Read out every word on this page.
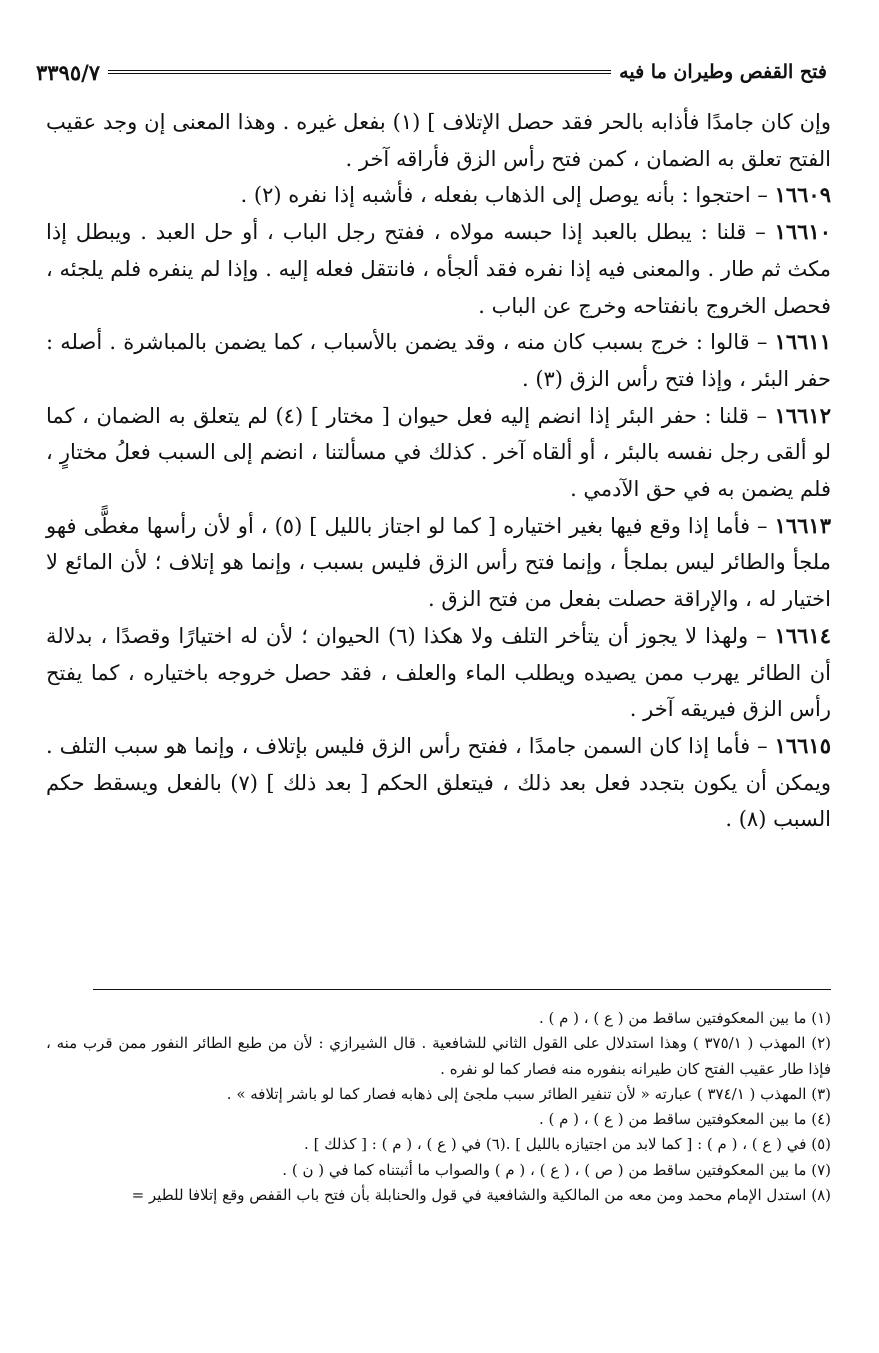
فتح القفص وطيران ما فيه
٣٣٩٥/٧

وإن كان جامدًا فأذابه بالحر فقد حصل الإتلاف ] (١) بفعل غيره . وهذا المعنى إن وجد عقيب الفتح تعلق به الضمان ، كمن فتح رأس الزق فأراقه آخر .

١٦٦٠٩ – احتجوا : بأنه يوصل إلى الذهاب بفعله ، فأشبه إذا نفره (٢) .

١٦٦١٠ – قلنا : يبطل بالعبد إذا حبسه مولاه ، ففتح رجل الباب ، أو حل العبد . ويبطل إذا مكث ثم طار . والمعنى فيه إذا نفره فقد ألجأه ، فانتقل فعله إليه . وإذا لم ينفره فلم يلجئه ، فحصل الخروج بانفتاحه وخرج عن الباب .

١٦٦١١ – قالوا : خرج بسبب كان منه ، وقد يضمن بالأسباب ، كما يضمن بالمباشرة . أصله : حفر البئر ، وإذا فتح رأس الزق (٣) .

١٦٦١٢ – قلنا : حفر البئر إذا انضم إليه فعل حيوان [ مختار ] (٤) لم يتعلق به الضمان ، كما لو ألقى رجل نفسه بالبئر ، أو ألقاه آخر . كذلك في مسألتنا ، انضم إلى السبب فعلُ مختارٍ ، فلم يضمن به في حق الآدمي .

١٦٦١٣ – فأما إذا وقع فيها بغير اختياره [ كما لو اجتاز بالليل ] (٥) ، أو لأن رأسها مغطًّى فهو ملجأ والطائر ليس بملجأ ، وإنما فتح رأس الزق فليس بسبب ، وإنما هو إتلاف ؛ لأن المائع لا اختيار له ، والإراقة حصلت بفعل من فتح الزق .

١٦٦١٤ – ولهذا لا يجوز أن يتأخر التلف ولا هكذا (٦) الحيوان ؛ لأن له اختيارًا وقصدًا ، بدلالة أن الطائر يهرب ممن يصيده ويطلب الماء والعلف ، فقد حصل خروجه باختياره ، كما يفتح رأس الزق فيريقه آخر .

١٦٦١٥ – فأما إذا كان السمن جامدًا ، ففتح رأس الزق فليس بإتلاف ، وإنما هو سبب التلف . ويمكن أن يكون بتجدد فعل بعد ذلك ، فيتعلق الحكم [ بعد ذلك ] (٧) بالفعل ويسقط حكم السبب (٨) .

(١) ما بين المعكوفتين ساقط من ( ع ) ، ( م ) .

(٢) المهذب ( ٣٧٥/١ ) وهذا استدلال على القول الثاني للشافعية . قال الشيرازي : لأن من طبع الطائر النفور ممن قرب منه ، فإذا طار عقيب الفتح كان طيرانه بنفوره منه فصار كما لو نفره .

(٣) المهذب ( ٣٧٤/١ ) عبارته « لأن تنفير الطائر سبب ملجئ إلى ذهابه فصار كما لو باشر إتلافه » .

(٤) ما بين المعكوفتين ساقط من ( ع ) ، ( م ) .

(٥) في ( ع ) ، ( م ) : [ كما لابد من اجتيازه بالليل ] .(٦) في ( ع ) ، ( م ) : [ كذلك ] .

(٧) ما بين المعكوفتين ساقط من ( ص ) ، ( ع ) ، ( م ) والصواب ما أثبتناه كما في ( ن ) .

(٨) استدل الإمام محمد ومن معه من المالكية والشافعية في قول والحنابلة بأن فتح باب القفص وقع إتلافا للطير =
